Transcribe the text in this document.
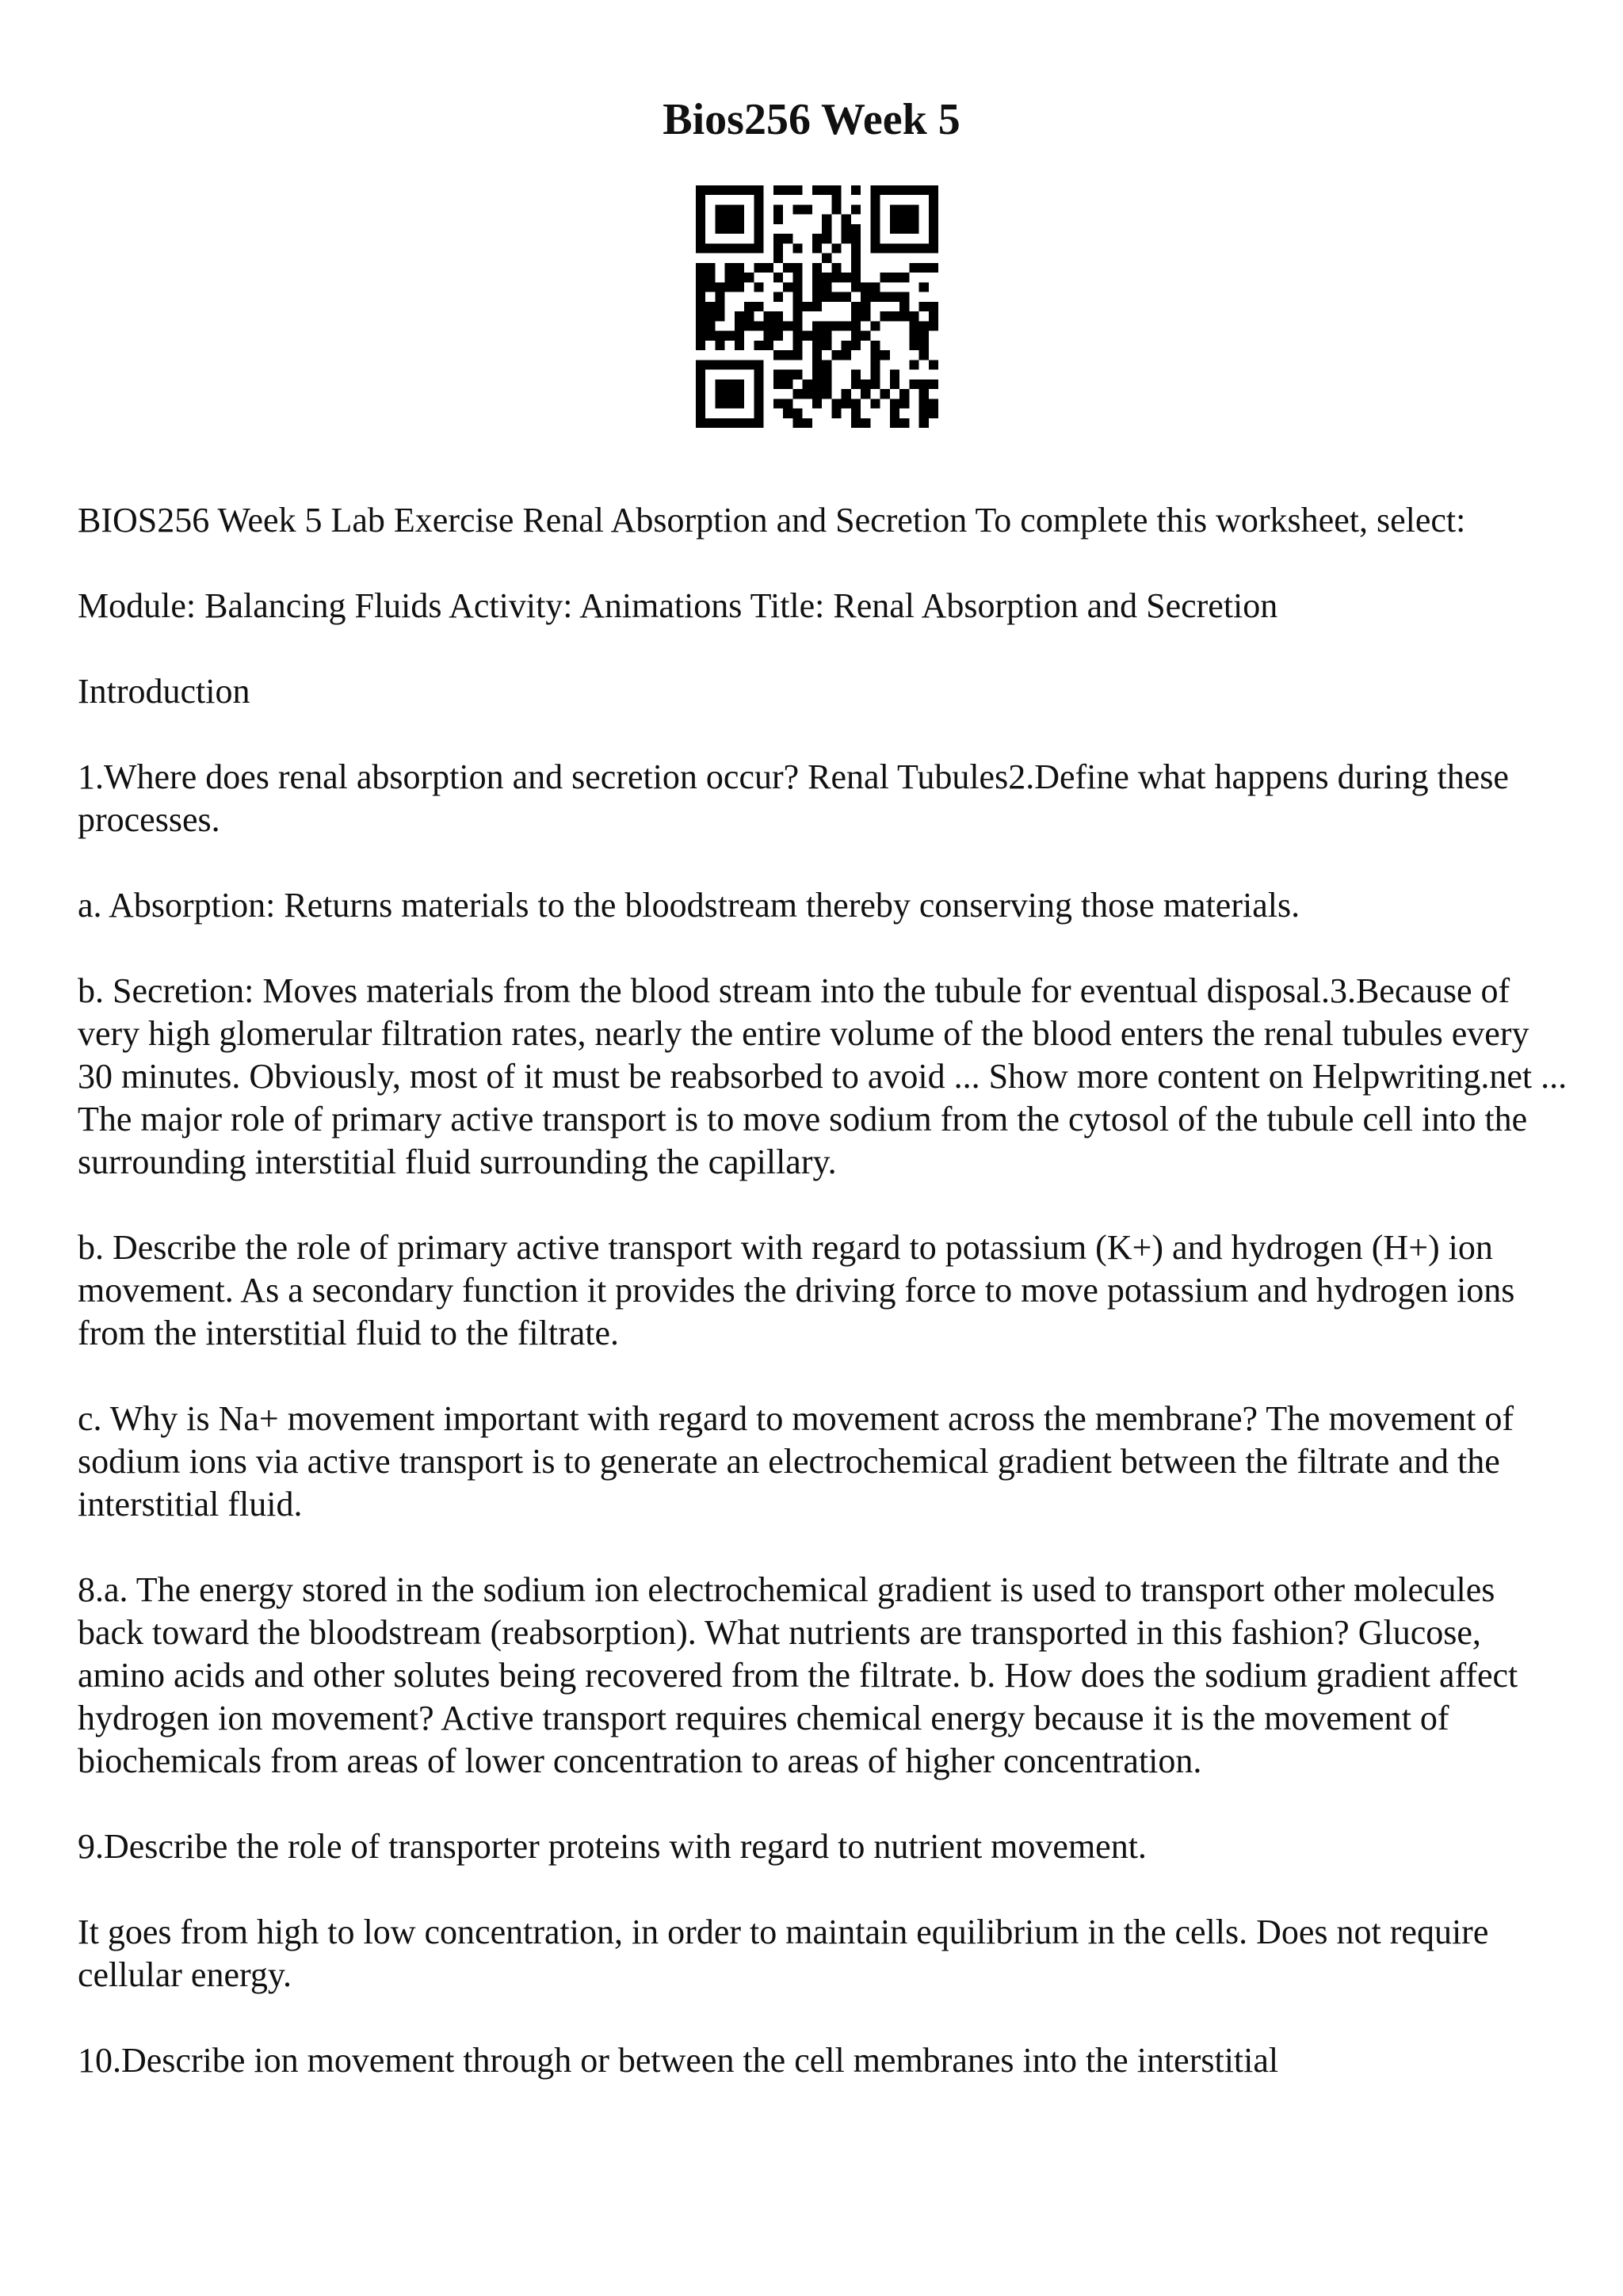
Bios256 Week 5

BIOS256 Week 5 Lab Exercise Renal Absorption and Secretion To complete this worksheet, select:

Module: Balancing Fluids Activity: Animations Title: Renal Absorption and Secretion

Introduction

1.Where does renal absorption and secretion occur? Renal Tubules2.Define what happens during these processes.

a. Absorption: Returns materials to the bloodstream thereby conserving those materials.

b. Secretion: Moves materials from the blood stream into the tubule for eventual disposal.3.Because of very high glomerular filtration rates, nearly the entire volume of the blood enters the renal tubules every 30 minutes. Obviously, most of it must be reabsorbed to avoid ... Show more content on Helpwriting.net ...

The major role of primary active transport is to move sodium from the cytosol of the tubule cell into the surrounding interstitial fluid surrounding the capillary.

b. Describe the role of primary active transport with regard to potassium (K+) and hydrogen (H+) ion movement. As a secondary function it provides the driving force to move potassium and hydrogen ions from the interstitial fluid to the filtrate.

c. Why is Na+ movement important with regard to movement across the membrane? The movement of sodium ions via active transport is to generate an electrochemical gradient between the filtrate and the interstitial fluid.

8.a. The energy stored in the sodium ion electrochemical gradient is used to transport other molecules back toward the bloodstream (reabsorption). What nutrients are transported in this fashion? Glucose, amino acids and other solutes being recovered from the filtrate. b. How does the sodium gradient affect hydrogen ion movement? Active transport requires chemical energy because it is the movement of biochemicals from areas of lower concentration to areas of higher concentration.

9.Describe the role of transporter proteins with regard to nutrient movement.

It goes from high to low concentration, in order to maintain equilibrium in the cells. Does not require cellular energy.

10.Describe ion movement through or between the cell membranes into the interstitial
